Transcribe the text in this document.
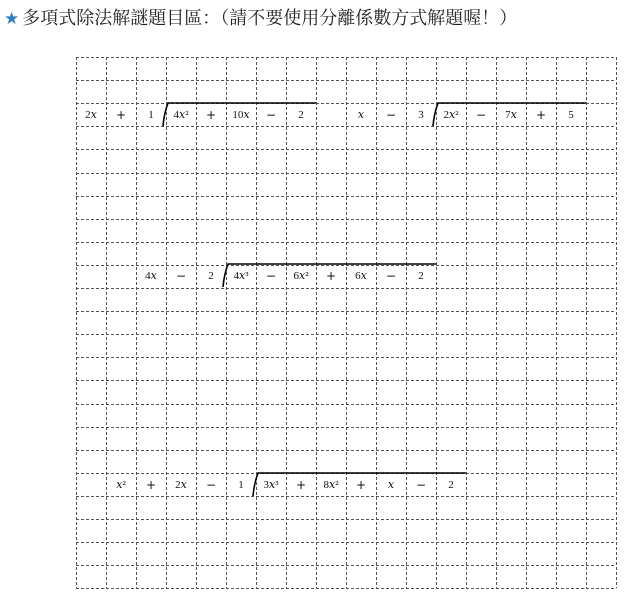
★ 多項式除法解謎題目區：（請不要使用分離係數方式解題喔！）
2𝑥	+	1	4𝑥²	+	10𝑥	−	2	𝑥	−	3	2𝑥²	−	7𝑥	+	5
4𝑥	−	2	4𝑥³	−	6𝑥²	+	6𝑥	−	2
𝑥²	+	2𝑥	−	1	3𝑥³	+	8𝑥²	+	𝑥	−	2
